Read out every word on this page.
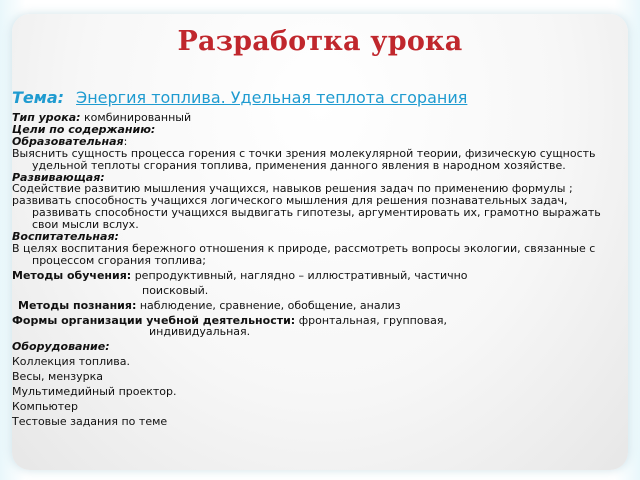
Разработка урока
Тема: Энергия топлива. Удельная теплота сгорания

Тип урока: комбинированный

Цели по содержанию:

Образовательная:

Выяснить сущность процесса горения с точки зрения молекулярной теории, физическую сущность удельной теплоты сгорания топлива, применения данного явления в народном хозяйстве.

Развивающая:

Содействие развитию мышления учащихся, навыков решения задач по применению формулы ;

развивать способность учащихся логического мышления для решения познавательных задач, развивать способности учащихся выдвигать гипотезы, аргументировать их, грамотно выражать свои мысли вслух.

Воспитательная:

В целях воспитания бережного отношения к природе, рассмотреть вопросы экологии, связанные с процессом сгорания топлива;

Методы обучения: репродуктивный, наглядно – иллюстративный, частично

поисковый.

Методы познания: наблюдение, сравнение, обобщение, анализ

Формы организации учебной деятельности: фронтальная, групповая,

индивидуальная.

Оборудование:

Коллекция топлива.

Весы, мензурка

Мультимедийный проектор.

Компьютер

Тестовые задания по теме
